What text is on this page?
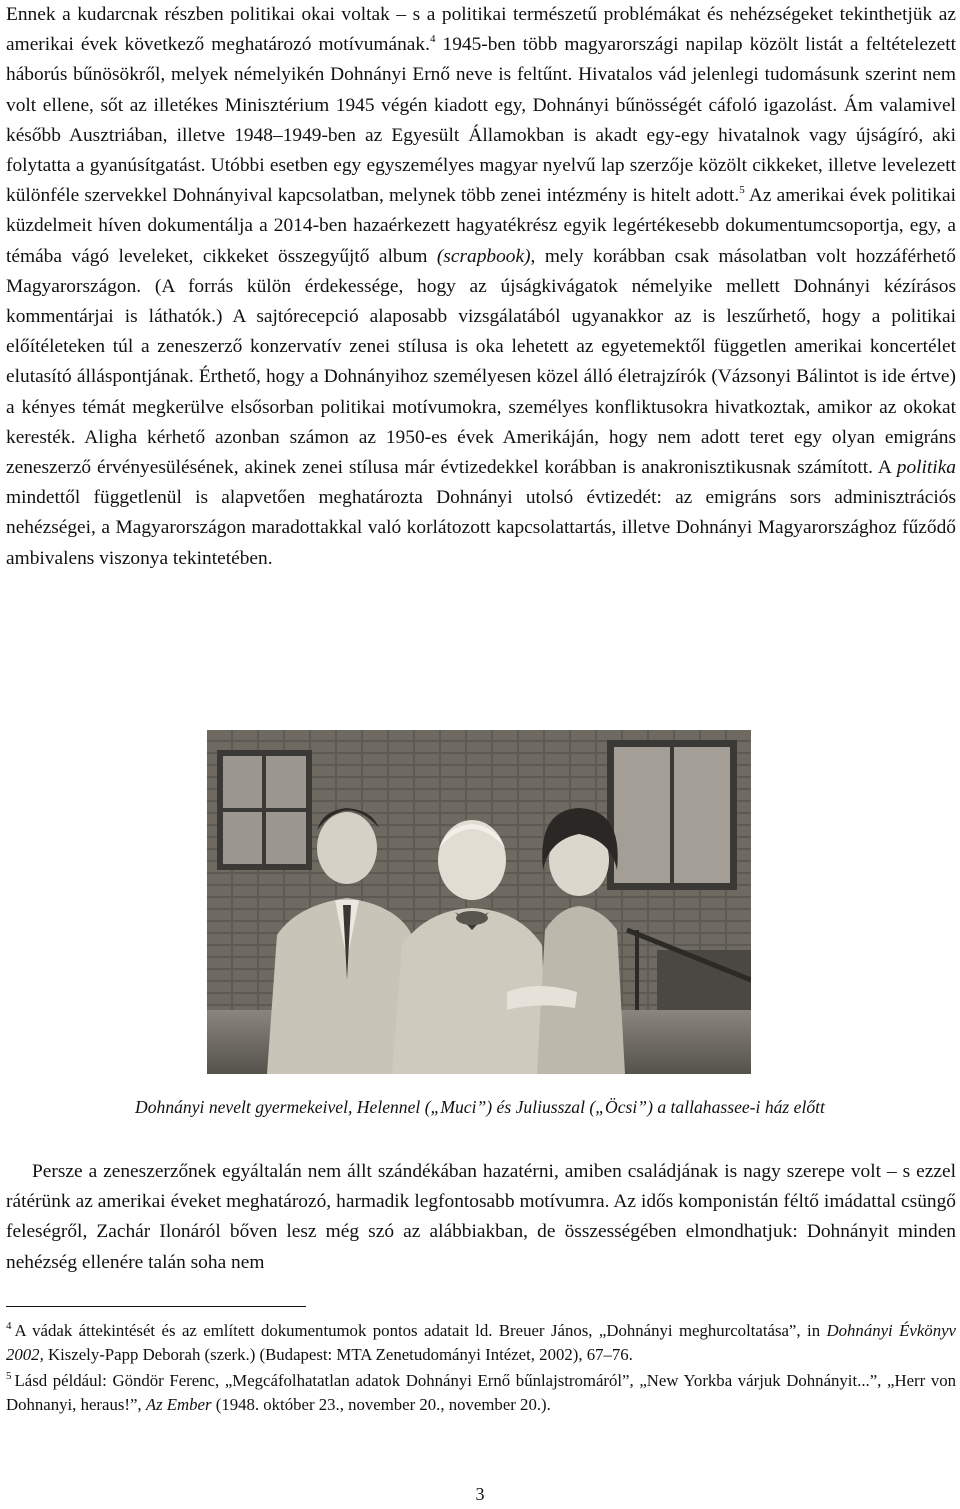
Ennek a kudarcnak részben politikai okai voltak – s a politikai természetű problémákat és nehézségeket tekinthetjük az amerikai évek következő meghatározó motívumának.$^4$ 1945-ben több magyarországi napilap közölt listát a feltételezett háborús bűnösökről, melyek némelyikén Dohnányi Ernő neve is feltűnt. Hivatalos vád jelenlegi tudomásunk szerint nem volt ellene, sőt az illetékes Minisztérium 1945 végén kiadott egy, Dohnányi bűnösségét cáfoló igazolást. Ám valamivel később Ausztriában, illetve 1948–1949-ben az Egyesült Államokban is akadt egy-egy hivatalnok vagy újságíró, aki folytatta a gyanúsítgatást. Utóbbi esetben egy egyszemélyes magyar nyelvű lap szerzője közölt cikkeket, illetve levelezett különféle szervekkel Dohnányival kapcsolatban, melynek több zenei intézmény is hitelt adott.$^5$ Az amerikai évek politikai küzdelmeit híven dokumentálja a 2014-ben hazaérkezett hagyatékrész egyik legértékesebb dokumentumcsoportja, egy, a témába vágó leveleket, cikkeket összegyűjtő album (scrapbook), mely korábban csak másolatban volt hozzáférhető Magyarországon. (A forrás külön érdekessége, hogy az újságkivágatok némelyike mellett Dohnányi kézírásos kommentárjai is láthatók.) A sajtórecepció alaposabb vizsgálatából ugyanakkor az is leszűrhető, hogy a politikai előítéleteken túl a zeneszerző konzervatív zenei stílusa is oka lehetett az egyetemektől független amerikai koncertélet elutasító álláspontjának. Érthető, hogy a Dohnányihoz személyesen közel álló életrajzírók (Vázsonyi Bálintot is ide értve) a kényes témát megkerülve elsősorban politikai motívumokra, személyes konfliktusokra hivatkoztak, amikor az okokat keresték. Aligha kérhető azonban számon az 1950-es évek Amerikáján, hogy nem adott teret egy olyan emigráns zeneszerző érvényesülésének, akinek zenei stílusa már évtizedekkel korábban is anakronisztikusnak számított. A politika mindettől függetlenül is alapvetően meghatározta Dohnányi utolsó évtizedét: az emigráns sors adminisztrációs nehézségei, a Magyarországon maradottakkal való korlátozott kapcsolattartás, illetve Dohnányi Magyarországhoz fűződő ambivalens viszonya tekintetében.

Dohnányi nevelt gyermekeivel, Helennel („Muci”) és Juliusszal („Öcsi”) a tallahassee-i ház előtt

Persze a zeneszerzőnek egyáltalán nem állt szándékában hazatérni, amiben családjának is nagy szerepe volt – s ezzel rátérünk az amerikai éveket meghatározó, harmadik legfontosabb motívumra. Az idős komponistán féltő imádattal csüngő feleségről, Zachár Ilonáról bőven lesz még szó az alábbiakban, de összességében elmondhatjuk: Dohnányit minden nehézség ellenére talán soha nem

$^4$ A vádak áttekintését és az említett dokumentumok pontos adatait ld. Breuer János, „Dohnányi meghurcoltatása”, in Dohnányi Évkönyv 2002, Kiszely-Papp Deborah (szerk.) (Budapest: MTA Zenetudományi Intézet, 2002), 67–76.

$^5$ Lásd például: Göndör Ferenc, „Megcáfolhatatlan adatok Dohnányi Ernő bűnlajstromáról”, „New Yorkba várjuk Dohnányit...”, „Herr von Dohnanyi, heraus!”, Az Ember (1948. október 23., november 20., november 20.).

3
